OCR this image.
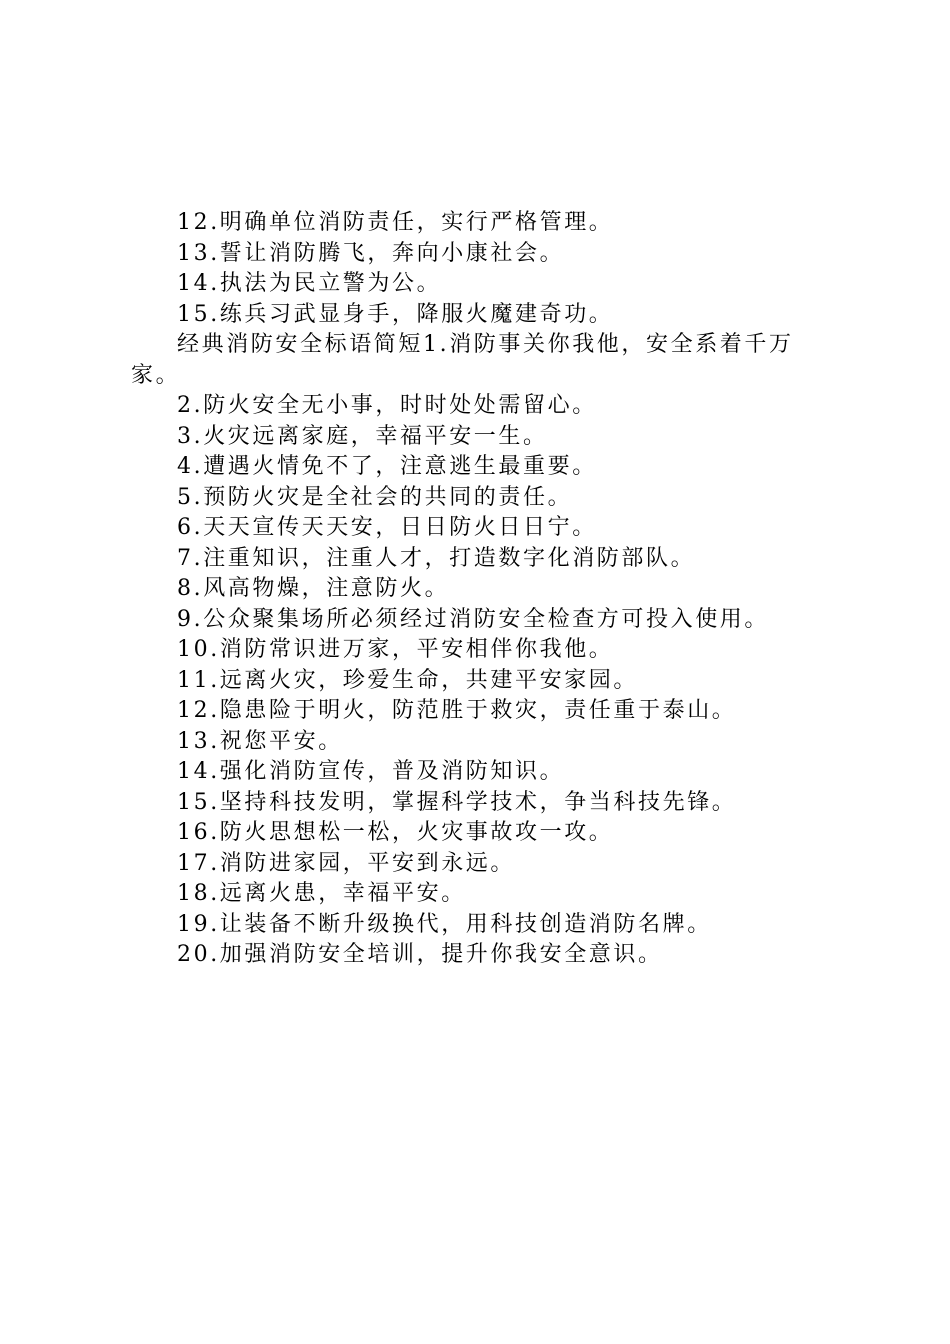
12.明确单位消防责任，实行严格管理。
13.誓让消防腾飞，奔向小康社会。
14.执法为民立警为公。
15.练兵习武显身手，降服火魔建奇功。
经典消防安全标语简短1.消防事关你我他，安全系着千万家。
2.防火安全无小事，时时处处需留心。
3.火灾远离家庭，幸福平安一生。
4.遭遇火情免不了，注意逃生最重要。
5.预防火灾是全社会的共同的责任。
6.天天宣传天天安，日日防火日日宁。
7.注重知识，注重人才，打造数字化消防部队。
8.风高物燥，注意防火。
9.公众聚集场所必须经过消防安全检查方可投入使用。
10.消防常识进万家，平安相伴你我他。
11.远离火灾，珍爱生命，共建平安家园。
12.隐患险于明火，防范胜于救灾，责任重于泰山。
13.祝您平安。
14.强化消防宣传，普及消防知识。
15.坚持科技发明，掌握科学技术，争当科技先锋。
16.防火思想松一松，火灾事故攻一攻。
17.消防进家园，平安到永远。
18.远离火患，幸福平安。
19.让装备不断升级换代，用科技创造消防名牌。
20.加强消防安全培训，提升你我安全意识。
